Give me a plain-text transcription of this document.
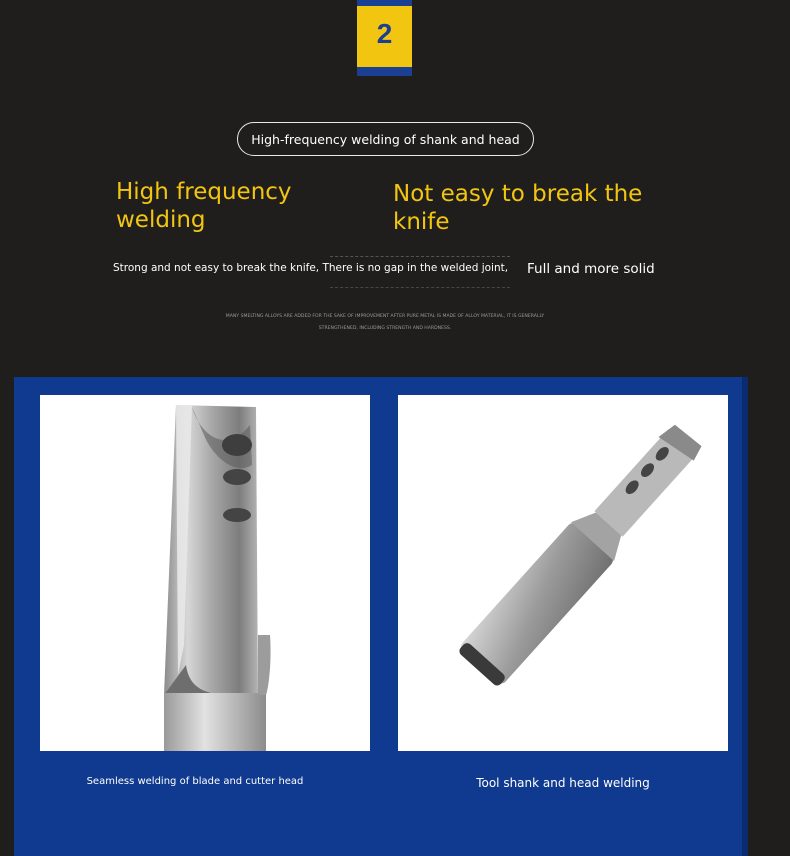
2
High-frequency welding of shank and head
High frequency welding
Not easy to break the knife
Strong and not easy to break the knife, There is no gap in the welded joint,	Full and more solid
MANY SMELTING ALLOYS ARE ADDED FOR THE SAKE OF IMPROVEMENT AFTER PURE METAL IS MADE OF ALLOY MATERIAL, IT IS GENERALLY
STRENGTHENED, INCLUDING STRENGTH AND HARDNESS.
Seamless welding of blade and cutter head	Tool shank and head welding
